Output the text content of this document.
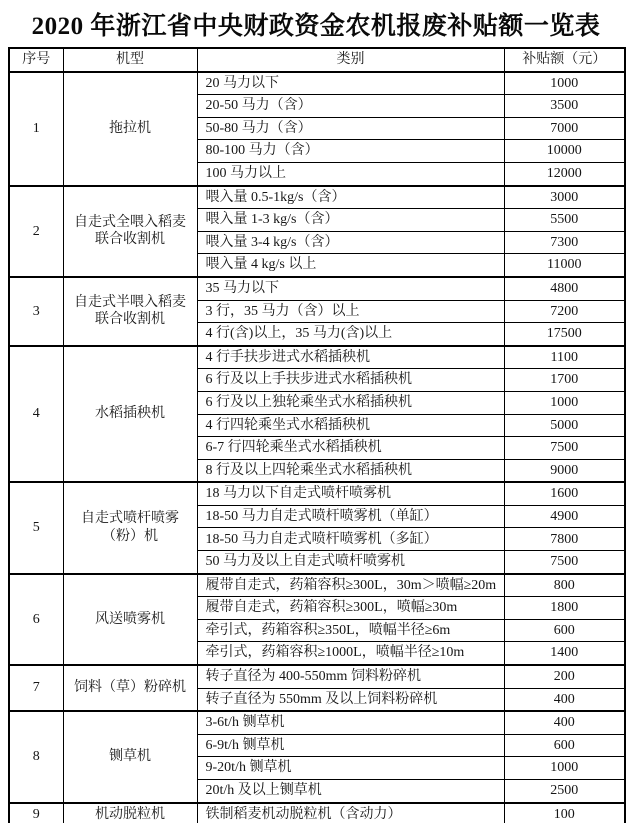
2020 年浙江省中央财政资金农机报废补贴额一览表
序号	机型	类别	补贴额（元）
1	拖拉机	20 马力以下	1000
		20-50 马力（含）	3500
		50-80 马力（含）	7000
		80-100 马力（含）	10000
		100 马力以上	12000
2	自走式全喂入稻麦联合收割机	喂入量 0.5-1kg/s（含）	3000
		喂入量 1-3 kg/s（含）	5500
		喂入量 3-4 kg/s（含）	7300
		喂入量 4 kg/s 以上	11000
3	自走式半喂入稻麦联合收割机	35 马力以下	4800
		3 行，35 马力（含）以上	7200
		4 行(含)以上，35 马力(含)以上	17500
4	水稻插秧机	4 行手扶步进式水稻插秧机	1100
		6 行及以上手扶步进式水稻插秧机	1700
		6 行及以上独轮乘坐式水稻插秧机	1000
		4 行四轮乘坐式水稻插秧机	5000
		6-7 行四轮乘坐式水稻插秧机	7500
		8 行及以上四轮乘坐式水稻插秧机	9000
5	自走式喷杆喷雾（粉）机	18 马力以下自走式喷杆喷雾机	1600
		18-50 马力自走式喷杆喷雾机（单缸）	4900
		18-50 马力自走式喷杆喷雾机（多缸）	7800
		50 马力及以上自走式喷杆喷雾机	7500
6	风送喷雾机	履带自走式，药箱容积≥300L，30m＞喷幅≥20m	800
		履带自走式，药箱容积≥300L，喷幅≥30m	1800
		牵引式，药箱容积≥350L，喷幅半径≥6m	600
		牵引式，药箱容积≥1000L，喷幅半径≥10m	1400
7	饲料（草）粉碎机	转子直径为 400-550mm 饲料粉碎机	200
		转子直径为 550mm 及以上饲料粉碎机	400
8	铡草机	3-6t/h 铡草机	400
		6-9t/h 铡草机	600
		9-20t/h 铡草机	1000
		20t/h 及以上铡草机	2500
9	机动脱粒机	铁制稻麦机动脱粒机（含动力）	100
